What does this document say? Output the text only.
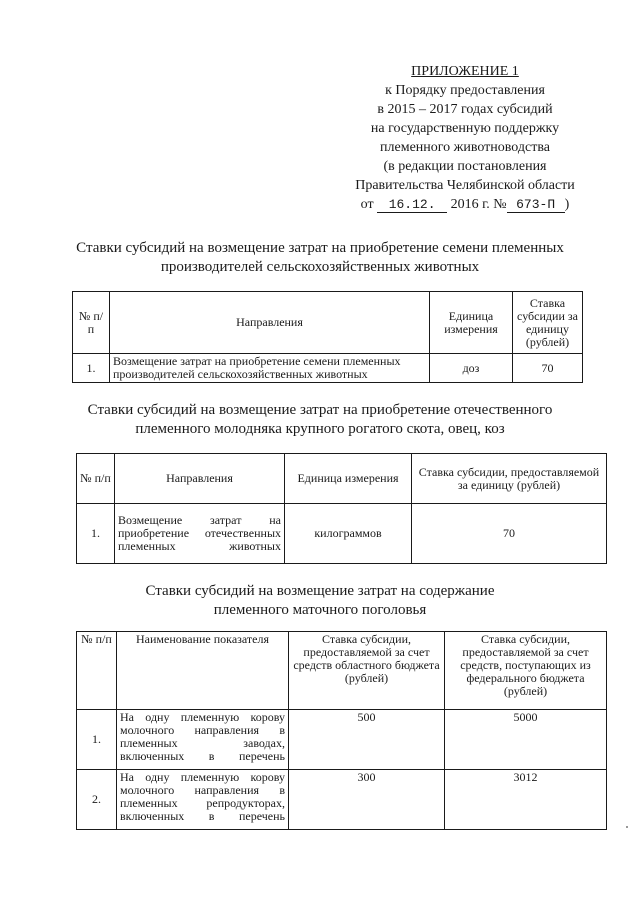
ПРИЛОЖЕНИЕ 1
к Порядку предоставления
в 2015 – 2017 годах субсидий
на государственную поддержку
племенного животноводства
(в редакции постановления
Правительства Челябинской области
от 16.12. 2016 г. № 673-П )
Ставки субсидий на возмещение затрат на приобретение семени племенных
производителей сельскохозяйственных животных
№ п/п	Направления	Единица измерения	Ставка субсидии за единицу (рублей)
1.	Возмещение затрат на приобретение семени племенных производителей сельскохозяйственных животных	доз	70
Ставки субсидий на возмещение затрат на приобретение отечественного
племенного молодняка крупного рогатого скота, овец, коз
№ п/п	Направления	Единица измерения	Ставка субсидии, предоставляемой за единицу (рублей)
1.	Возмещение затрат на приобретение отечественных племенных животных	килограммов	70
Ставки субсидий на возмещение затрат на содержание
племенного маточного поголовья
№ п/п	Наименование показателя	Ставка субсидии, предоставляемой за счет средств областного бюджета (рублей)	Ставка субсидии, предоставляемой за счет средств, поступающих из федерального бюджета (рублей)
1.	На одну племенную корову молочного направления в племенных заводах, включенных в перечень	500	5000
2.	На одну племенную корову молочного направления в племенных репродукторах, включенных в перечень	300	3012
